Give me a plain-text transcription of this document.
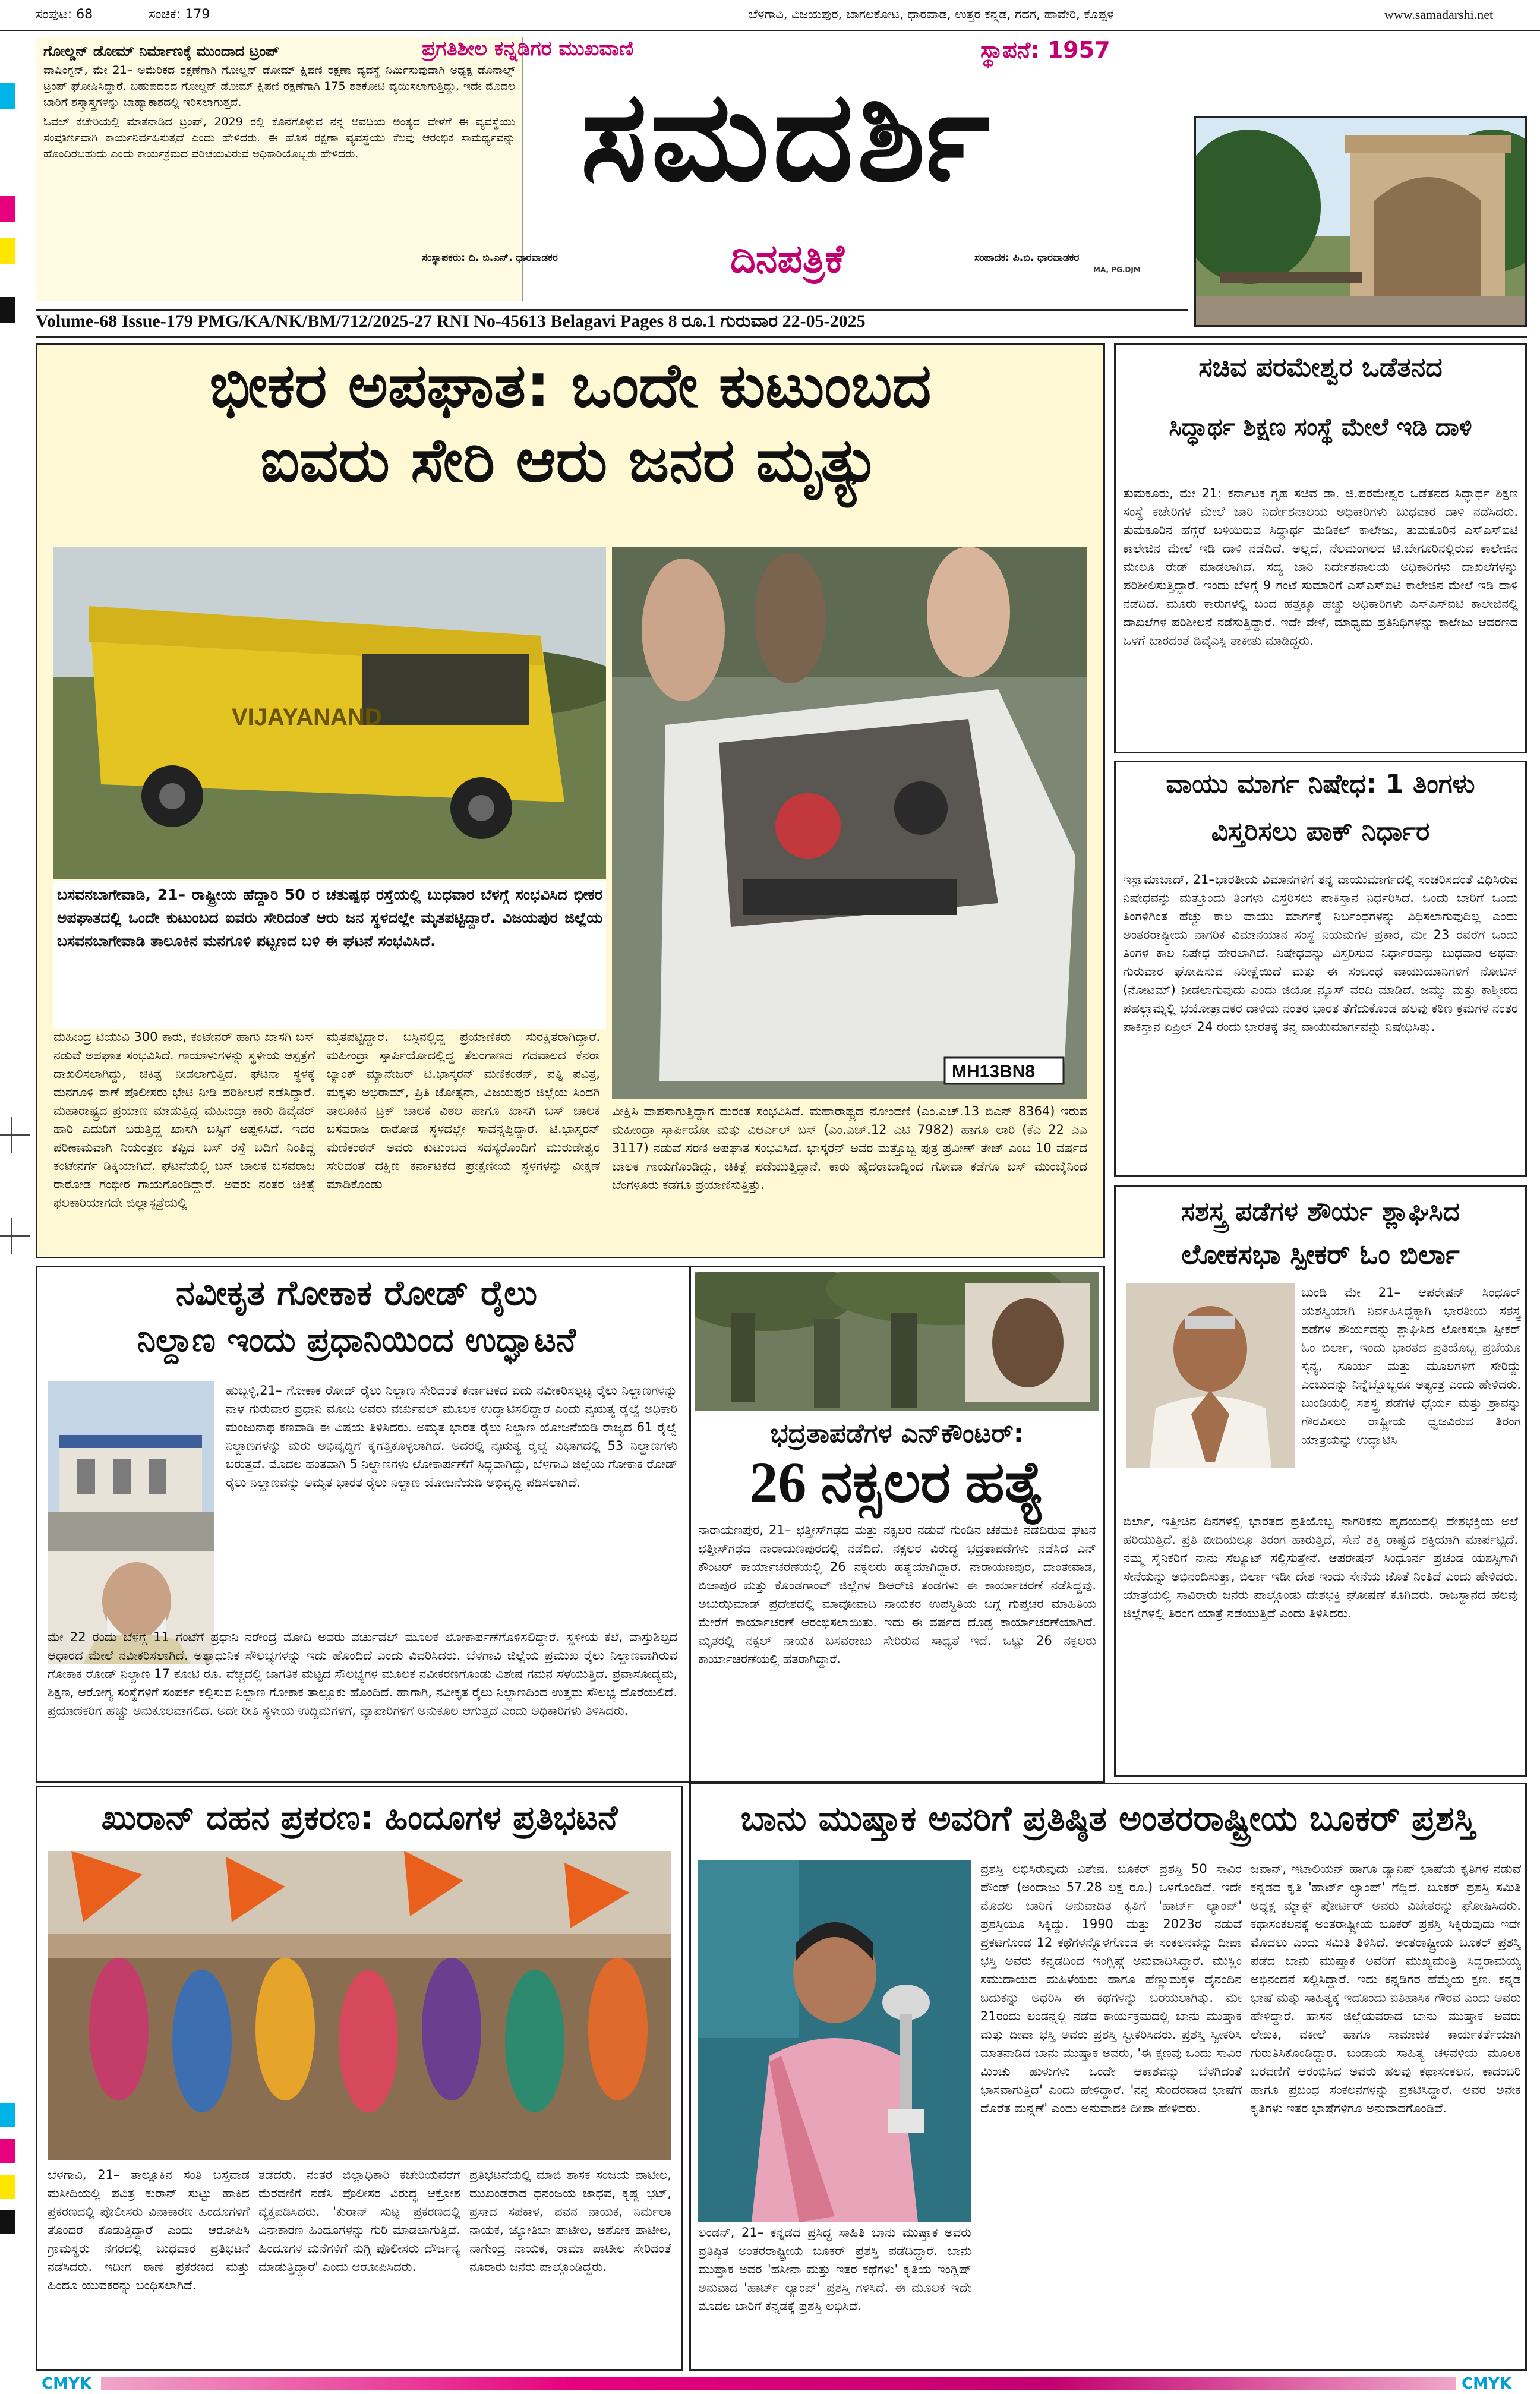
ಸಂಪುಟ: 68	ಸಂಚಿಕೆ: 179	ಬೆಳಗಾವಿ, ವಿಜಯಪುರ, ಬಾಗಲಕೋಟ, ಧಾರವಾಡ, ಉತ್ತರ ಕನ್ನಡ, ಗದಗ, ಹಾವೇರಿ, ಕೊಪ್ಪಳ	www.samadarshi.net
ಗೋಲ್ಡನ್ ಡೋಮ್ ನಿರ್ಮಾಣಕ್ಕೆ ಮುಂದಾದ ಟ್ರಂಪ್
ವಾಷಿಂಗ್ಟನ್, ಮೇ 21– ಅಮೆರಿಕದ ರಕ್ಷಣೆಗಾಗಿ ಗೋಲ್ಡನ್ ಡೋಮ್ ಕ್ಷಿಪಣಿ ರಕ್ಷಣಾ ವ್ಯವಸ್ಥೆ ನಿರ್ಮಿಸುವುದಾಗಿ ಅಧ್ಯಕ್ಷ ಡೊನಾಲ್ಡ್ ಟ್ರಂಪ್ ಘೋಷಿಸಿದ್ದಾರೆ. ಬಹುಪದರದ ಗೋಲ್ಡನ್ ಡೋಮ್ ಕ್ಷಿಪಣಿ ರಕ್ಷಣೆಗಾಗಿ 175 ಶತಕೋಟಿ ವ್ಯಯಿಸಲಾಗುತ್ತಿದ್ದು, ಇದೇ ಮೊದಲ ಬಾರಿಗೆ ಶಸ್ತ್ರಾಸ್ತ್ರಗಳನ್ನು ಬಾಹ್ಯಾಕಾಶದಲ್ಲಿ ಇರಿಸಲಾಗುತ್ತದೆ.
ಓವಲ್ ಕಚೇರಿಯಲ್ಲಿ ಮಾತನಾಡಿದ ಟ್ರಂಪ್, 2029 ರಲ್ಲಿ ಕೊನೆಗೊಳ್ಳುವ ನನ್ನ ಅವಧಿಯ ಅಂತ್ಯದ ವೇಳೆಗೆ ಈ ವ್ಯವಸ್ಥೆಯು ಸಂಪೂರ್ಣವಾಗಿ ಕಾರ್ಯನಿರ್ವಹಿಸುತ್ತದೆ ಎಂದು ಹೇಳಿದರು. ಈ ಹೊಸ ರಕ್ಷಣಾ ವ್ಯವಸ್ಥೆಯು ಕೆಲವು ಆರಂಭಿಕ ಸಾಮರ್ಥ್ಯವನ್ನು ಹೊಂದಿರಬಹುದು ಎಂದು ಕಾರ್ಯಕ್ರಮದ ಪರಿಚಯವಿರುವ ಅಧಿಕಾರಿಯೊಬ್ಬರು ಹೇಳಿದರು.
ಪ್ರಗತಿಶೀಲ ಕನ್ನಡಿಗರ ಮುಖವಾಣಿ	ಸ್ಥಾಪನೆ: 1957
ಸಮದರ್ಶಿ
ದಿನಪತ್ರಿಕೆ
ಸಂಸ್ಥಾಪಕರು: ದಿ. ಬಿ.ಎನ್. ಧಾರವಾಡಕರ	ಸಂಪಾದಕ: ಪಿ.ಬಿ. ಧಾರವಾಡಕರ
MA, PG.DJM
Volume-68 Issue-179 PMG/KA/NK/BM/712/2025-27 RNI No-45613 Belagavi Pages 8 ರೂ.1 ಗುರುವಾರ 22-05-2025
ಭೀಕರ ಅಪಘಾತ: ಒಂದೇ ಕುಟುಂಬದ
ಐವರು ಸೇರಿ ಆರು ಜನರ ಮೃತ್ಯು
VIJAYANAND
MH13BN8
ಬಸವನಬಾಗೇವಾಡಿ, 21– ರಾಷ್ಟ್ರೀಯ ಹೆದ್ದಾರಿ 50 ರ ಚತುಷ್ಪಥ ರಸ್ತೆಯಲ್ಲಿ ಬುಧವಾರ ಬೆಳಗ್ಗೆ ಸಂಭವಿಸಿದ ಭೀಕರ ಅಪಘಾತದಲ್ಲಿ ಒಂದೇ ಕುಟುಂಬದ ಐವರು ಸೇರಿದಂತೆ ಆರು ಜನ ಸ್ಥಳದಲ್ಲೇ ಮೃತಪಟ್ಟಿದ್ದಾರೆ. ವಿಜಯಪುರ ಜಿಲ್ಲೆಯ ಬಸವನಬಾಗೇವಾಡಿ ತಾಲೂಕಿನ ಮನಗೂಳಿ ಪಟ್ಟಣದ ಬಳಿ ಈ ಘಟನೆ ಸಂಭವಿಸಿದೆ.
ಮಹೀಂದ್ರ ಟಿಯುವಿ 300 ಕಾರು, ಕಂಟೇನರ್ ಹಾಗು ಖಾಸಗಿ ಬಸ್ ನಡುವೆ ಅಪಘಾತ ಸಂಭವಿಸಿದೆ. ಗಾಯಾಳುಗಳನ್ನು ಸ್ಥಳೀಯ ಆಸ್ಪತ್ರೆಗೆ ದಾಖಲಿಸಲಾಗಿದ್ದು, ಚಿಕಿತ್ಸೆ ನೀಡಲಾಗುತ್ತಿದೆ. ಘಟನಾ ಸ್ಥಳಕ್ಕೆ ಮನಗೂಳಿ ಠಾಣೆ ಪೊಲೀಸರು ಭೇಟಿ ನೀಡಿ ಪರಿಶೀಲನೆ ನಡೆಸಿದ್ದಾರೆ. ಮಹಾರಾಷ್ಟ್ರದ ಪ್ರಯಾಣ ಮಾಡುತ್ತಿದ್ದ ಮಹೀಂದ್ರಾ ಕಾರು ಡಿವೈಡರ್ ಹಾರಿ ಎದುರಿಗೆ ಬರುತ್ತಿದ್ದ ಖಾಸಗಿ ಬಸ್ಸಿಗೆ ಅಪ್ಪಳಿಸಿದೆ. ಇದರ ಪರಿಣಾಮವಾಗಿ ನಿಯಂತ್ರಣ ತಪ್ಪಿದ ಬಸ್ ರಸ್ತೆ ಬದಿಗೆ ನಿಂತಿದ್ದ ಕಂಟೇನರ್ಗೆ ಡಿಕ್ಕಿಯಾಗಿದೆ. ಘಟನೆಯಲ್ಲಿ ಬಸ್ ಚಾಲಕ ಬಸವರಾಜ ರಾಠೋಡ ಗಂಭೀರ ಗಾಯಗೊಂಡಿದ್ದಾರೆ. ಅವರು ನಂತರ ಚಿಕಿತ್ಸೆ ಫಲಕಾರಿಯಾಗದೇ ಜಿಲ್ಲಾಸ್ಪತ್ರೆಯಲ್ಲಿ
ಮೃತಪಟ್ಟಿದ್ದಾರೆ. ಬಸ್ಸಿನಲ್ಲಿದ್ದ ಪ್ರಯಾಣಿಕರು ಸುರಕ್ಷಿತರಾಗಿದ್ದಾರೆ. ಮಹೀಂದ್ರಾ ಸ್ಕಾರ್ಪಿಯೋದಲ್ಲಿದ್ದ ತೆಲಂಗಾಣದ ಗದವಾಲದ ಕೆನರಾ ಬ್ಯಾಂಕ್ ಮ್ಯಾನೇಜರ್ ಟಿ.ಭಾಸ್ಕರನ್ ಮಣಿಕಂಠನ್, ಪತ್ನಿ ಪವಿತ್ರ, ಮಕ್ಕಳು ಅಭಿರಾಮ್, ಪ್ರಿತಿ ಜೋತ್ಸನಾ, ವಿಜಯಪುರ ಜಿಲ್ಲೆಯ ಸಿಂದಗಿ ತಾಲೂಕಿನ ಟ್ರಕ್ ಚಾಲಕ ವಿಠಲ ಹಾಗೂ ಖಾಸಗಿ ಬಸ್ ಚಾಲಕ ಬಸವರಾಜ ರಾಠೋಡ ಸ್ಥಳದಲ್ಲೇ ಸಾವನ್ನಪ್ಪಿದ್ದಾರೆ. ಟಿ.ಭಾಸ್ಕರನ್ ಮಣಿಕಂಠನ್ ಅವರು ಕುಟುಂಬದ ಸದಸ್ಯರೊಂದಿಗೆ ಮುರುಡೇಶ್ವರ ಸೇರಿದಂತೆ ದಕ್ಷಿಣ ಕರ್ನಾಟಕದ ಪ್ರೇಕ್ಷಣೀಯ ಸ್ಥಳಗಳನ್ನು ವೀಕ್ಷಣೆ ಮಾಡಿಕೊಂಡು
ವೀಕ್ಷಿಸಿ ವಾಪಸಾಗುತ್ತಿದ್ದಾಗ ದುರಂತ ಸಂಭವಿಸಿದೆ. ಮಹಾರಾಷ್ಟ್ರದ ನೋಂದಣಿ (ಎಂ.ಎಚ್.13 ಬಿಎನ್ 8364) ಇರುವ ಮಹೀಂದ್ರಾ ಸ್ಕಾರ್ಪಿಯೋ ಮತ್ತು ವಿಆರ್ಎಲ್ ಬಸ್ (ಎಂ.ಎಚ್.12 ಎಟಿ 7982) ಹಾಗೂ ಲಾರಿ (ಕೆಎ 22 ಎಎ 3117) ನಡುವೆ ಸರಣಿ ಅಪಘಾತ ಸಂಭವಿಸಿದೆ. ಭಾಸ್ಕರನ್ ಅವರ ಮತ್ತೊಬ್ಬ ಪುತ್ರ ಪ್ರವೀಣ್ ತೇಜ್ ಎಂಬ 10 ವರ್ಷದ ಬಾಲಕ ಗಾಯಗೊಂಡಿದ್ದು, ಚಿಕಿತ್ಸೆ ಪಡೆಯುತ್ತಿದ್ದಾನೆ. ಕಾರು ಹೈದರಾಬಾದ್ನಿಂದ ಗೋವಾ ಕಡೆಗೂ ಬಸ್ ಮುಂಬೈನಿಂದ ಬೆಂಗಳೂರು ಕಡೆಗೂ ಪ್ರಯಾಣಿಸುತ್ತಿತ್ತು.
ಸಚಿವ ಪರಮೇಶ್ವರ ಒಡೆತನದ
ಸಿದ್ಧಾರ್ಥ ಶಿಕ್ಷಣ ಸಂಸ್ಥೆ ಮೇಲೆ ಇಡಿ ದಾಳಿ
ತುಮಕೂರು, ಮೇ 21: ಕರ್ನಾಟಕ ಗೃಹ ಸಚಿವ ಡಾ. ಜಿ.ಪರಮೇಶ್ವರ ಒಡೆತನದ ಸಿದ್ಧಾರ್ಥ ಶಿಕ್ಷಣ ಸಂಸ್ಥೆ ಕಚೇರಿಗಳ ಮೇಲೆ ಜಾರಿ ನಿರ್ದೇಶನಾಲಯ ಅಧಿಕಾರಿಗಳು ಬುಧವಾರ ದಾಳಿ ನಡೆಸಿದರು. ತುಮಕೂರಿನ ಹೆಗ್ಗೆರೆ ಬಳಿಯಿರುವ ಸಿದ್ಧಾರ್ಥ ಮೆಡಿಕಲ್ ಕಾಲೇಜು, ತುಮಕೂರಿನ ಎಸ್ಎಸ್ಐಟಿ ಕಾಲೇಜಿನ ಮೇಲೆ ಇಡಿ ದಾಳಿ ನಡೆದಿದೆ. ಅಲ್ಲದೆ, ನೆಲಮಂಗಲದ ಟಿ.ಬೇಗೂರಿನಲ್ಲಿರುವ ಕಾಲೇಜಿನ ಮೇಲೂ ರೇಡ್ ಮಾಡಲಾಗಿದೆ. ಸದ್ಯ ಜಾರಿ ನಿರ್ದೇಶನಾಲಯ ಅಧಿಕಾರಿಗಳು ದಾಖಲೆಗಳನ್ನು ಪರಿಶೀಲಿಸುತ್ತಿದ್ದಾರೆ. ಇಂದು ಬೆಳಗ್ಗೆ 9 ಗಂಟೆ ಸುಮಾರಿಗೆ ಎಸ್ಎಸ್ಐಟಿ ಕಾಲೇಜಿನ ಮೇಲೆ ಇಡಿ ದಾಳಿ ನಡೆದಿದೆ. ಮೂರು ಕಾರುಗಳಲ್ಲಿ ಬಂದ ಹತ್ತಕ್ಕೂ ಹೆಚ್ಚು ಅಧಿಕಾರಿಗಳು ಎಸ್ಎಸ್ಐಟಿ ಕಾಲೇಜಿನಲ್ಲಿ ದಾಖಲೆಗಳ ಪರಿಶೀಲನೆ ನಡೆಸುತ್ತಿದ್ದಾರೆ. ಇದೇ ವೇಳೆ, ಮಾಧ್ಯಮ ಪ್ರತಿನಿಧಿಗಳನ್ನು ಕಾಲೇಜು ಆವರಣದ ಒಳಗೆ ಬಾರದಂತೆ ಡಿವೈಎಸ್ಪಿ ತಾಕೀತು ಮಾಡಿದ್ದರು.
ವಾಯು ಮಾರ್ಗ ನಿಷೇಧ: 1 ತಿಂಗಳು
ವಿಸ್ತರಿಸಲು ಪಾಕ್ ನಿರ್ಧಾರ
ಇಸ್ಲಾಮಾಬಾದ್, 21–ಭಾರತೀಯ ವಿಮಾನಗಳಿಗೆ ತನ್ನ ವಾಯುಮಾರ್ಗದಲ್ಲಿ ಸಂಚರಿಸದಂತೆ ವಿಧಿಸಿರುವ ನಿಷೇಧವನ್ನು ಮತ್ತೊಂದು ತಿಂಗಳು ವಿಸ್ತರಿಸಲು ಪಾಕಿಸ್ತಾನ ನಿರ್ಧರಿಸಿದೆ. ಒಂದು ಬಾರಿಗೆ ಒಂದು ತಿಂಗಳಿಗಿಂತ ಹೆಚ್ಚು ಕಾಲ ವಾಯು ಮಾರ್ಗಕ್ಕೆ ನಿರ್ಬಂಧಗಳನ್ನು ವಿಧಿಸಲಾಗುವುದಿಲ್ಲ ಎಂದು ಅಂತರರಾಷ್ಟ್ರೀಯ ನಾಗರಿಕ ವಿಮಾನಯಾನ ಸಂಸ್ಥೆ ನಿಯಮಗಳ ಪ್ರಕಾರ, ಮೇ 23 ರವರೆಗೆ ಒಂದು ತಿಂಗಳ ಕಾಲ ನಿಷೇಧ ಹೇರಲಾಗಿದೆ. ನಿಷೇಧವನ್ನು ವಿಸ್ತರಿಸುವ ನಿರ್ಧಾರವನ್ನು ಬುಧವಾರ ಅಥವಾ ಗುರುವಾರ ಘೋಷಿಸುವ ನಿರೀಕ್ಷೆಯಿದೆ ಮತ್ತು ಈ ಸಂಬಂಧ ವಾಯುಯಾನಿಗಳಿಗೆ ನೋಟಿಸ್ (ನೋಟಮ್) ನೀಡಲಾಗುವುದು ಎಂದು ಜಿಯೋ ನ್ಯೂಸ್ ವರದಿ ಮಾಡಿದೆ. ಜಮ್ಮು ಮತ್ತು ಕಾಶ್ಮೀರದ ಪಹಲ್ಗಾಮ್ನಲ್ಲಿ ಭಯೋತ್ಪಾದಕರ ದಾಳಿಯ ನಂತರ ಭಾರತ ತೆಗೆದುಕೊಂಡ ಹಲವು ಕಠಿಣ ಕ್ರಮಗಳ ನಂತರ ಪಾಕಿಸ್ತಾನ ಏಪ್ರಿಲ್ 24 ರಂದು ಭಾರತಕ್ಕೆ ತನ್ನ ವಾಯುಮಾರ್ಗವನ್ನು ನಿಷೇಧಿಸಿತ್ತು.
ಸಶಸ್ತ್ರ ಪಡೆಗಳ ಶೌರ್ಯ ಶ್ಲಾಘಿಸಿದ
ಲೋಕಸಭಾ ಸ್ಪೀಕರ್ ಓಂ ಬಿರ್ಲಾ
ಬುಂಡಿ ಮೇ 21– ಆಪರೇಷನ್ ಸಿಂಧೂರ್ ಯಶಸ್ವಿಯಾಗಿ ನಿರ್ವಹಿಸಿದ್ದಕ್ಕಾಗಿ ಭಾರತೀಯ ಸಶಸ್ತ್ರ ಪಡೆಗಳ ಶೌರ್ಯವನ್ನು ಶ್ಲಾಘಿಸಿದ ಲೋಕಸಭಾ ಸ್ಪೀಕರ್ ಓಂ ಬಿರ್ಲಾ, ಇಂದು ಭಾರತದ ಪ್ರತಿಯೊಬ್ಬ ಪ್ರಜೆಯೂ ಸೈನ್ಯ, ಸೂರ್ಯ ಮತ್ತು ಮೂಲಗಳಿಗೆ ಸೇರಿದ್ದು ಎಂಬುದನ್ನು ನಿನ್ನೆಬ್ಬೊಬ್ಬರೂ ಅತ್ಯಂತ್ರ ಎಂದು ಹೇಳಿದರು. ಬುಂಡಿಯಲ್ಲಿ ಸಶಸ್ತ್ರ ಪಡೆಗಳ ಧೈರ್ಯ ಮತ್ತು ಶ್ರಾವನ್ನು ಗೌರವಿಸಲು ರಾಷ್ಟ್ರೀಯ ಧ್ವಜವಿರುವ ತಿರಂಗ ಯಾತ್ರೆಯನ್ನು ಉದ್ಘಾಟಿಸಿ
ಬಿರ್ಲಾ, ಇತ್ತೀಚಿನ ದಿನಗಳಲ್ಲಿ ಭಾರತದ ಪ್ರತಿಯೊಬ್ಬ ನಾಗರಿಕನು ಹೃದಯದಲ್ಲಿ ದೇಶಭಕ್ತಿಯ ಅಲೆ ಹರಿಯುತ್ತಿದೆ. ಪ್ರತಿ ಬೀದಿಯಲ್ಲೂ ತಿರಂಗ ಹಾರುತ್ತಿದೆ, ಸೇನೆ ಶಕ್ತಿ ರಾಷ್ಟ್ರದ ಶಕ್ತಿಯಾಗಿ ಮಾರ್ಪಟ್ಟಿದೆ. ನಮ್ಮ ಸೈನಿಕರಿಗೆ ನಾನು ಸೆಲ್ಯೂಟ್ ಸಲ್ಲಿಸುತ್ತೇನೆ. ಆಪರೇಷನ್ ಸಿಂಧೂರ್ನ ಪ್ರಚಂಡ ಯಶಸ್ಸಿಗಾಗಿ ಸೇನೆಯನ್ನು ಅಭಿನಂದಿಸುತ್ತಾ, ಬಿರ್ಲಾ ಇಡೀ ದೇಶ ಇಂದು ಸೇನೆಯ ಜೊತೆ ನಿಂತಿದೆ ಎಂದು ಹೇಳಿದರು. ಯಾತ್ರೆಯಲ್ಲಿ ಸಾವಿರಾರು ಜನರು ಪಾಲ್ಗೊಂಡು ದೇಶಭಕ್ತಿ ಘೋಷಣೆ ಕೂಗಿದರು. ರಾಜಸ್ಥಾನದ ಹಲವು ಜಿಲ್ಲೆಗಳಲ್ಲಿ ತಿರಂಗ ಯಾತ್ರೆ ನಡೆಯುತ್ತಿದೆ ಎಂದು ತಿಳಿಸಿದರು.
ನವೀಕೃತ ಗೋಕಾಕ ರೋಡ್ ರೈಲು
ನಿಲ್ದಾಣ ಇಂದು ಪ್ರಧಾನಿಯಿಂದ ಉದ್ಘಾಟನೆ
ಹುಬ್ಬಳ್ಳಿ,21– ಗೋಕಾಕ ರೋಡ್ ರೈಲು ನಿಲ್ದಾಣ ಸೇರಿದಂತೆ ಕರ್ನಾಟಕದ ಐದು ನವೀಕರಿಸಲ್ಪಟ್ಟ ರೈಲು ನಿಲ್ದಾಣಗಳನ್ನು ನಾಳೆ ಗುರುವಾರ ಪ್ರಧಾನಿ ಮೋದಿ ಅವರು ವರ್ಚುವಲ್ ಮೂಲಕ ಉದ್ಘಾಟಿಸಲಿದ್ದಾರೆ ಎಂದು ನೈಋತ್ಯ ರೈಲ್ವೆ ಅಧಿಕಾರಿ ಮಂಜುನಾಥ ಕಣವಾಡಿ ಈ ವಿಷಯ ತಿಳಿಸಿದರು. ಅಮೃತ ಭಾರತ ರೈಲು ನಿಲ್ದಾಣ ಯೋಜನೆಯಡಿ ರಾಜ್ಯದ 61 ರೈಲ್ವೆ ನಿಲ್ದಾಣಗಳನ್ನು ಮರು ಅಭಿವೃದ್ಧಿಗೆ ಕೈಗೆತ್ತಿಕೊಳ್ಳಲಾಗಿದೆ. ಅದರಲ್ಲಿ ನೈಋತ್ಯ ರೈಲ್ವೆ ವಿಭಾಗದಲ್ಲಿ 53 ನಿಲ್ದಾಣಗಳು ಬರುತ್ತವೆ. ಮೊದಲ ಹಂತವಾಗಿ 5 ನಿಲ್ದಾಣಗಳು ಲೋಕಾರ್ಪಣೆಗೆ ಸಿದ್ಧವಾಗಿದ್ದು, ಬೆಳಗಾವಿ ಜಿಲ್ಲೆಯ ಗೋಕಾಕ ರೋಡ್ ರೈಲು ನಿಲ್ದಾಣವನ್ನು ಅಮೃತ ಭಾರತ ರೈಲು ನಿಲ್ದಾಣ ಯೋಜನೆಯಡಿ ಅಭಿವೃದ್ಧಿ ಪಡಿಸಲಾಗಿದೆ.
ಮೇ 22 ರಂದು ಬೆಳಗ್ಗೆ 11 ಗಂಟೆಗೆ ಪ್ರಧಾನಿ ನರೇಂದ್ರ ಮೋದಿ ಅವರು ವರ್ಚುವಲ್ ಮೂಲಕ ಲೋಕಾರ್ಪಣೆಗೊಳಿಸಲಿದ್ದಾರೆ. ಸ್ಥಳೀಯ ಕಲೆ, ವಾಸ್ತುಶಿಲ್ಪದ ಆಧಾರದ ಮೇಲೆ ನವೀಕರಿಸಲಾಗಿದೆ. ಅತ್ಯಾಧುನಿಕ ಸೌಲಭ್ಯಗಳನ್ನು ಇದು ಹೊಂದಿದೆ ಎಂದು ವಿವರಿಸಿದರು. ಬೆಳಗಾವಿ ಜಿಲ್ಲೆಯ ಪ್ರಮುಖ ರೈಲು ನಿಲ್ದಾಣವಾಗಿರುವ ಗೋಕಾಕ ರೋಡ್ ನಿಲ್ದಾಣ 17 ಕೋಟಿ ರೂ. ವೆಚ್ಚದಲ್ಲಿ ಜಾಗತಿಕ ಮಟ್ಟದ ಸೌಲಭ್ಯಗಳ ಮೂಲಕ ನವೀಕರಣಗೊಂಡು ವಿಶೇಷ ಗಮನ ಸೆಳೆಯುತ್ತಿದೆ. ಪ್ರವಾಸೋದ್ಯಮ, ಶಿಕ್ಷಣ, ಆರೋಗ್ಯ ಸಂಸ್ಥೆಗಳಿಗೆ ಸಂಪರ್ಕ ಕಲ್ಪಿಸುವ ನಿಲ್ದಾಣ ಗೋಕಾಕ ತಾಲ್ಲೂಕು ಹೊಂದಿದೆ. ಹಾಗಾಗಿ, ನವೀಕೃತ ರೈಲು ನಿಲ್ದಾಣದಿಂದ ಉತ್ತಮ ಸೌಲಭ್ಯ ದೊರೆಯಲಿದೆ. ಪ್ರಯಾಣಿಕರಿಗೆ ಹೆಚ್ಚು ಅನುಕೂಲವಾಗಲಿದೆ. ಅದೇ ರೀತಿ ಸ್ಥಳೀಯ ಉದ್ದಿಮೆಗಳಿಗೆ, ವ್ಯಾಪಾರಿಗಳಿಗೆ ಅನುಕೂಲ ಆಗುತ್ತದೆ ಎಂದು ಅಧಿಕಾರಿಗಳು ತಿಳಿಸಿದರು.
ಭದ್ರತಾಪಡೆಗಳ ಎನ್‌ಕೌಂಟರ್:
26 ನಕ್ಸಲರ ಹತ್ಯೆ
ನಾರಾಯಣಪುರ, 21– ಛತ್ತೀಸ್‌ಗಢದ ಮತ್ತು ನಕ್ಸಲರ ನಡುವೆ ಗುಂಡಿನ ಚಕಮಕಿ ನಡೆದಿರುವ ಘಟನೆ ಛತ್ತೀಸ್‌ಗಢದ ನಾರಾಯಣಪುರದಲ್ಲಿ ನಡೆದಿದೆ. ನಕ್ಸಲರ ವಿರುದ್ಧ ಭದ್ರತಾಪಡೆಗಳು ನಡೆಸಿದ ಎನ್ ಕೌಂಟರ್ ಕಾರ್ಯಾಚರಣೆಯಲ್ಲಿ 26 ನಕ್ಸಲರು ಹತ್ಯೆಯಾಗಿದ್ದಾರೆ. ನಾರಾಯಣಪುರ, ದಾಂತೇವಾಡ, ಬಿಜಾಪುರ ಮತ್ತು ಕೊಂಡಗಾಂವ್ ಜಿಲ್ಲೆಗಳ ಡಿಆರ್‌ಜಿ ತಂಡಗಳು ಈ ಕಾರ್ಯಾಚರಣೆ ನಡೆಸಿದ್ದವು. ಅಬುಝಮಾಡ್ ಪ್ರದೇಶದಲ್ಲಿ ಮಾವೋವಾದಿ ನಾಯಕರ ಉಪಸ್ಥಿತಿಯ ಬಗ್ಗೆ ಗುಪ್ತಚರ ಮಾಹಿತಿಯ ಮೇರೆಗೆ ಕಾರ್ಯಾಚರಣೆ ಆರಂಭಿಸಲಾಯಿತು. ಇದು ಈ ವರ್ಷದ ದೊಡ್ಡ ಕಾರ್ಯಾಚರಣೆಯಾಗಿದೆ. ಮೃತರಲ್ಲಿ ನಕ್ಸಲ್ ನಾಯಕ ಬಸವರಾಜು ಸೇರಿರುವ ಸಾಧ್ಯತೆ ಇದೆ. ಒಟ್ಟು 26 ನಕ್ಸಲರು ಕಾರ್ಯಾಚರಣೆಯಲ್ಲಿ ಹತರಾಗಿದ್ದಾರೆ.
ಬಾನು ಮುಷ್ತಾಕ ಅವರಿಗೆ ಪ್ರತಿಷ್ಠಿತ ಅಂತರರಾಷ್ಟ್ರೀಯ ಬೂಕರ್ ಪ್ರಶಸ್ತಿ
ಲಂಡನ್, 21– ಕನ್ನಡದ ಪ್ರಸಿದ್ಧ ಸಾಹಿತಿ ಬಾನು ಮುಷ್ತಾಕ ಅವರು ಪ್ರತಿಷ್ಠಿತ ಅಂತರರಾಷ್ಟ್ರೀಯ ಬೂಕರ್ ಪ್ರಶಸ್ತಿ ಪಡೆದಿದ್ದಾರೆ. ಬಾನು ಮುಷ್ತಾಕ ಅವರ 'ಹಸೀನಾ ಮತ್ತು ಇತರ ಕಥೆಗಳು' ಕೃತಿಯ ಇಂಗ್ಲಿಷ್ ಅನುವಾದ 'ಹಾರ್ಟ್ ಲ್ಯಾಂಪ್' ಪ್ರಶಸ್ತಿ ಗಳಿಸಿದೆ. ಈ ಮೂಲಕ ಇದೇ ಮೊದಲ ಬಾರಿಗೆ ಕನ್ನಡಕ್ಕೆ ಪ್ರಶಸ್ತಿ ಲಭಿಸಿದೆ.
ಪ್ರಶಸ್ತಿ ಲಭಿಸಿರುವುದು ವಿಶೇಷ. ಬೂಕರ್ ಪ್ರಶಸ್ತಿ 50 ಸಾವಿರ ಪೌಂಡ್ (ಅಂದಾಜು 57.28 ಲಕ್ಷ ರೂ.) ಒಳಗೊಂಡಿದೆ. ಇದೇ ಮೊದಲ ಬಾರಿಗೆ ಅನುವಾದಿತ ಕೃತಿಗೆ 'ಹಾರ್ಟ್ ಲ್ಯಾಂಪ್' ಪ್ರಶಸ್ತಿಯೂ ಸಿಕ್ಕಿದ್ದು. 1990 ಮತ್ತು 2023ರ ನಡುವೆ ಪ್ರಕಟಗೊಂಡ 12 ಕಥೆಗಳನ್ನೊಳಗೊಂಡ ಈ ಸಂಕಲನವನ್ನು ದೀಪಾ ಭಸ್ತಿ ಅವರು ಕನ್ನಡದಿಂದ ಇಂಗ್ಲಿಷ್ಗೆ ಅನುವಾದಿಸಿದ್ದಾರೆ. ಮುಸ್ಲಿಂ ಸಮುದಾಯದ ಮಹಿಳೆಯರು ಹಾಗೂ ಹೆಣ್ಣುಮಕ್ಕಳ ದೈನಂದಿನ ಬದುಕನ್ನು ಅಧರಿಸಿ ಈ ಕಥೆಗಳನ್ನು ಬರೆಯಲಾಗಿತ್ತು. ಮೇ 21ರಂದು ಲಂಡನ್ನಲ್ಲಿ ನಡೆದ ಕಾರ್ಯಕ್ರಮದಲ್ಲಿ ಬಾನು ಮುಷ್ತಾಕ ಮತ್ತು ದೀಪಾ ಭಸ್ತಿ ಅವರು ಪ್ರಶಸ್ತಿ ಸ್ವೀಕರಿಸಿದರು. ಪ್ರಶಸ್ತಿ ಸ್ವೀಕರಿಸಿ ಮಾತನಾಡಿದ ಬಾನು ಮುಷ್ತಾಕ ಅವರು, 'ಈ ಕ್ಷಣವು ಒಂದು ಸಾವಿರ ಮಿಂಚು ಹುಳುಗಳು ಒಂದೇ ಆಕಾಶವನ್ನು ಬೆಳಗಿದಂತೆ ಭಾಸವಾಗುತ್ತಿದೆ' ಎಂದು ಹೇಳಿದ್ದಾರೆ. 'ನನ್ನ ಸುಂದರವಾದ ಭಾಷೆಗೆ ದೊರೆತ ಮನ್ನಣೆ' ಎಂದು ಅನುವಾದಕಿ ದೀಪಾ ಹೇಳಿದರು.
ಜಪಾನ್, ಇಟಾಲಿಯನ್ ಹಾಗೂ ಡ್ಯಾನಿಷ್ ಭಾಷೆಯ ಕೃತಿಗಳ ನಡುವೆ ಕನ್ನಡದ ಕೃತಿ 'ಹಾರ್ಟ್ ಲ್ಯಾಂಪ್' ಗೆದ್ದಿದೆ. ಬೂಕರ್ ಪ್ರಶಸ್ತಿ ಸಮಿತಿ ಅಧ್ಯಕ್ಷ ಮ್ಯಾಕ್ಸ್ ಪೋರ್ಟರ್ ಅವರು ವಿಜೇತರನ್ನು ಘೋಷಿಸಿದರು. ಕಥಾಸಂಕಲನಕ್ಕೆ ಅಂತರಾಷ್ಟ್ರೀಯ ಬೂಕರ್ ಪ್ರಶಸ್ತಿ ಸಿಕ್ಕಿರುವುದು ಇದೇ ಮೊದಲು ಎಂದು ಸಮಿತಿ ತಿಳಿಸಿದೆ. ಅಂತರಾಷ್ಟ್ರೀಯ ಬೂಕರ್ ಪ್ರಶಸ್ತಿ ಪಡೆದ ಬಾನು ಮುಷ್ತಾಕ ಅವರಿಗೆ ಮುಖ್ಯಮಂತ್ರಿ ಸಿದ್ದರಾಮಯ್ಯ ಅಭಿನಂದನೆ ಸಲ್ಲಿಸಿದ್ದಾರೆ. ಇದು ಕನ್ನಡಿಗರ ಹೆಮ್ಮೆಯ ಕ್ಷಣ. ಕನ್ನಡ ಭಾಷೆ ಮತ್ತು ಸಾಹಿತ್ಯಕ್ಕೆ ಇದೊಂದು ಐತಿಹಾಸಿಕ ಗೌರವ ಎಂದು ಅವರು ಹೇಳಿದ್ದಾರೆ. ಹಾಸನ ಜಿಲ್ಲೆಯವರಾದ ಬಾನು ಮುಷ್ತಾಕ ಅವರು ಲೇಖಕಿ, ವಕೀಲೆ ಹಾಗೂ ಸಾಮಾಜಿಕ ಕಾರ್ಯಕರ್ತೆಯಾಗಿ ಗುರುತಿಸಿಕೊಂಡಿದ್ದಾರೆ. ಬಂಡಾಯ ಸಾಹಿತ್ಯ ಚಳವಳಿಯ ಮೂಲಕ ಬರವಣಿಗೆ ಆರಂಭಿಸಿದ ಅವರು ಹಲವು ಕಥಾಸಂಕಲನ, ಕಾದಂಬರಿ ಹಾಗೂ ಪ್ರಬಂಧ ಸಂಕಲನಗಳನ್ನು ಪ್ರಕಟಿಸಿದ್ದಾರೆ. ಅವರ ಅನೇಕ ಕೃತಿಗಳು ಇತರ ಭಾಷೆಗಳಿಗೂ ಅನುವಾದಗೊಂಡಿವೆ.
ಖುರಾನ್ ದಹನ ಪ್ರಕರಣ: ಹಿಂದೂಗಳ ಪ್ರತಿಭಟನೆ
ಬೆಳಗಾವಿ, 21– ತಾಲ್ಲೂಕಿನ ಸಂತಿ ಬಸ್ತವಾಡ ಮಸೀದಿಯಲ್ಲಿ ಪವಿತ್ರ ಕುರಾನ್ ಸುಟ್ಟು ಹಾಕಿದ ಪ್ರಕರಣದಲ್ಲಿ ಪೊಲೀಸರು ವಿನಾಕಾರಣ ಹಿಂದೂಗಳಿಗೆ ತೊಂದರೆ ಕೊಡುತ್ತಿದ್ದಾರೆ ಎಂದು ಆರೋಪಿಸಿ ಗ್ರಾಮಸ್ಥರು ನಗರದಲ್ಲಿ ಬುಧವಾರ ಪ್ರತಿಭಟನೆ ನಡೆಸಿದರು. ಇದೀಗ ಠಾಣೆ ಪ್ರಕರಣದ ಮತ್ತು ಹಿಂದೂ ಯುವಕರನ್ನು ಬಂಧಿಸಲಾಗಿದೆ.
ತಡೆದರು. ನಂತರ ಜಿಲ್ಲಾಧಿಕಾರಿ ಕಚೇರಿಯವರೆಗೆ ಮೆರವಣಿಗೆ ನಡೆಸಿ ಪೊಲೀಸರ ವಿರುದ್ಧ ಆಕ್ರೋಶ ವ್ಯಕ್ತಪಡಿಸಿದರು. 'ಕುರಾನ್ ಸುಟ್ಟ ಪ್ರಕರಣದಲ್ಲಿ ವಿನಾಕಾರಣ ಹಿಂದೂಗಳನ್ನು ಗುರಿ ಮಾಡಲಾಗುತ್ತಿದೆ. ಹಿಂದೂಗಳ ಮನೆಗಳಿಗೆ ನುಗ್ಗಿ ಪೊಲೀಸರು ದೌರ್ಜನ್ಯ ಮಾಡುತ್ತಿದ್ದಾರೆ' ಎಂದು ಆರೋಪಿಸಿದರು.
ಪ್ರತಿಭಟನೆಯಲ್ಲಿ ಮಾಜಿ ಶಾಸಕ ಸಂಜಯ ಪಾಟೀಲ, ಮುಖಂಡರಾದ ಧನಂಜಯ ಜಾಧವ, ಕೃಷ್ಣ ಭಟ್, ಪ್ರಸಾದ ಸಪಕಾಳ, ಪವನ ನಾಯಕ, ನಿರ್ಮಲಾ ನಾಯಕ, ಜ್ಯೋತಿಬಾ ಪಾಟೀಲ, ಅಶೋಕ ಪಾಟೀಲ, ನಾಗೇಂದ್ರ ನಾಯಕ, ರಾಮಾ ಪಾಟೀಲ ಸೇರಿದಂತೆ ನೂರಾರು ಜನರು ಪಾಲ್ಗೊಂಡಿದ್ದರು.
CMYK	CMYK
